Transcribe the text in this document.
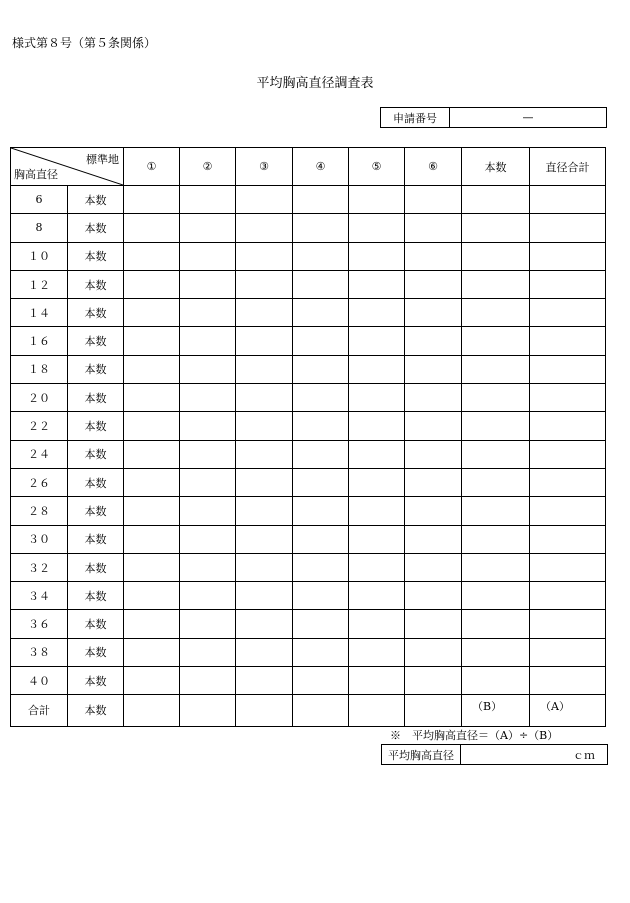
様式第８号（第５条関係）
平均胸高直径調査表
申請番号	—
標準地
胸高直径		①	②	③	④	⑤	⑥	本数	直径合計
6	本数								
8	本数								
１０	本数								
１２	本数								
１４	本数								
１６	本数								
１８	本数								
２０	本数								
２２	本数								
２４	本数								
２６	本数								
２８	本数								
３０	本数								
３２	本数								
３４	本数								
３６	本数								
３８	本数								
４０	本数								
合計	本数							（B）	（A）
※　平均胸高直径＝（A）÷（B）
平均胸高直径	ｃｍ
